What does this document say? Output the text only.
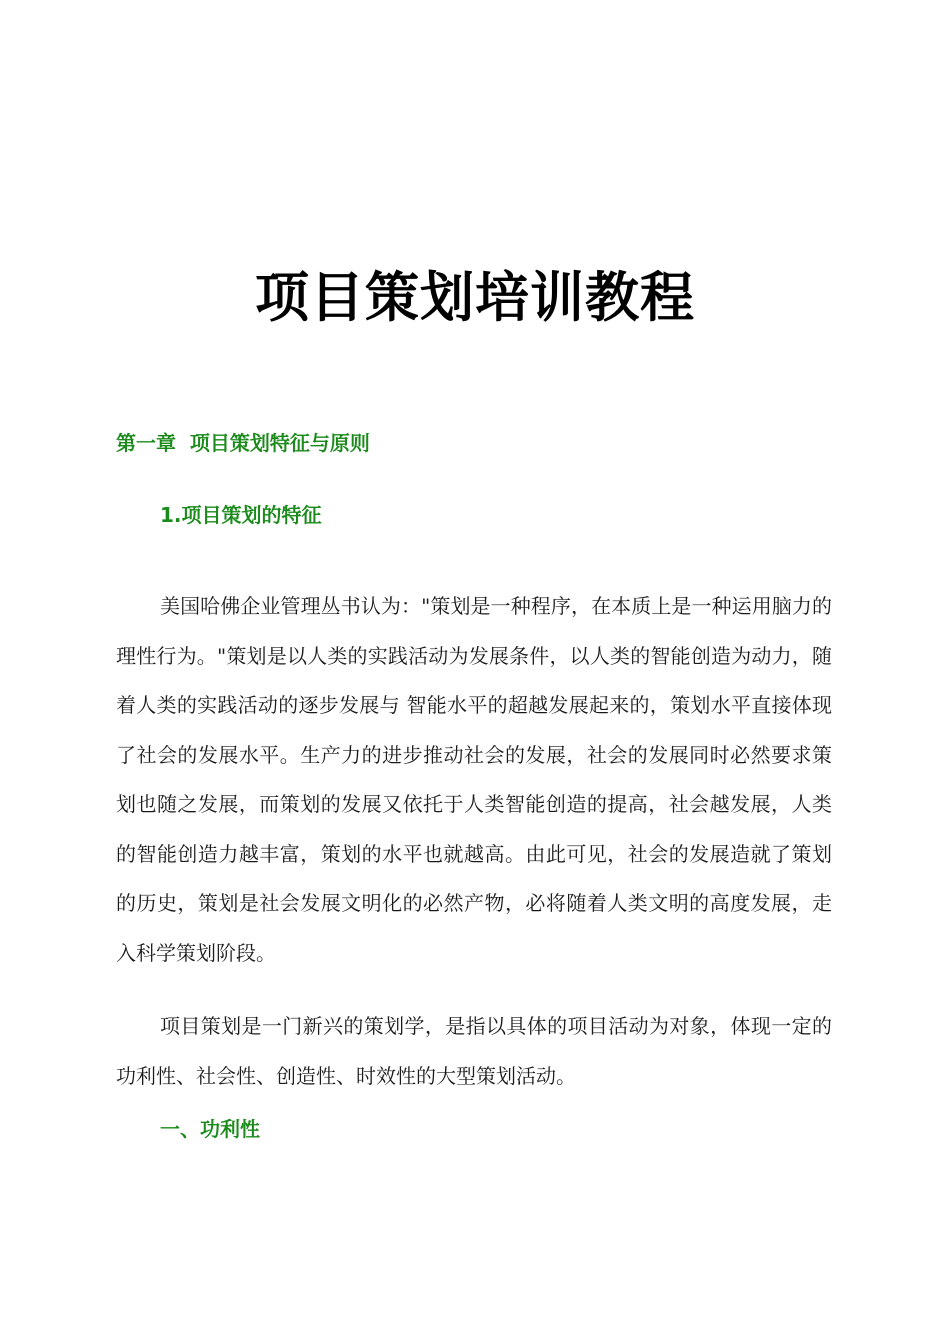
项目策划培训教程
第一章  项目策划特征与原则
1.项目策划的特征

美国哈佛企业管理丛书认为："策划是一种程序，在本质上是一种运用脑力的理性行为。"策划是以人类的实践活动为发展条件，以人类的智能创造为动力，随着人类的实践活动的逐步发展与 智能水平的超越发展起来的，策划水平直接体现了社会的发展水平。生产力的进步推动社会的发展，社会的发展同时必然要求策划也随之发展，而策划的发展又依托于人类智能创造的提高，社会越发展，人类的智能创造力越丰富，策划的水平也就越高。由此可见，社会的发展造就了策划的历史，策划是社会发展文明化的必然产物，必将随着人类文明的高度发展，走入科学策划阶段。

项目策划是一门新兴的策划学，是指以具体的项目活动为对象，体现一定的功利性、社会性、创造性、时效性的大型策划活动。

一、功利性
